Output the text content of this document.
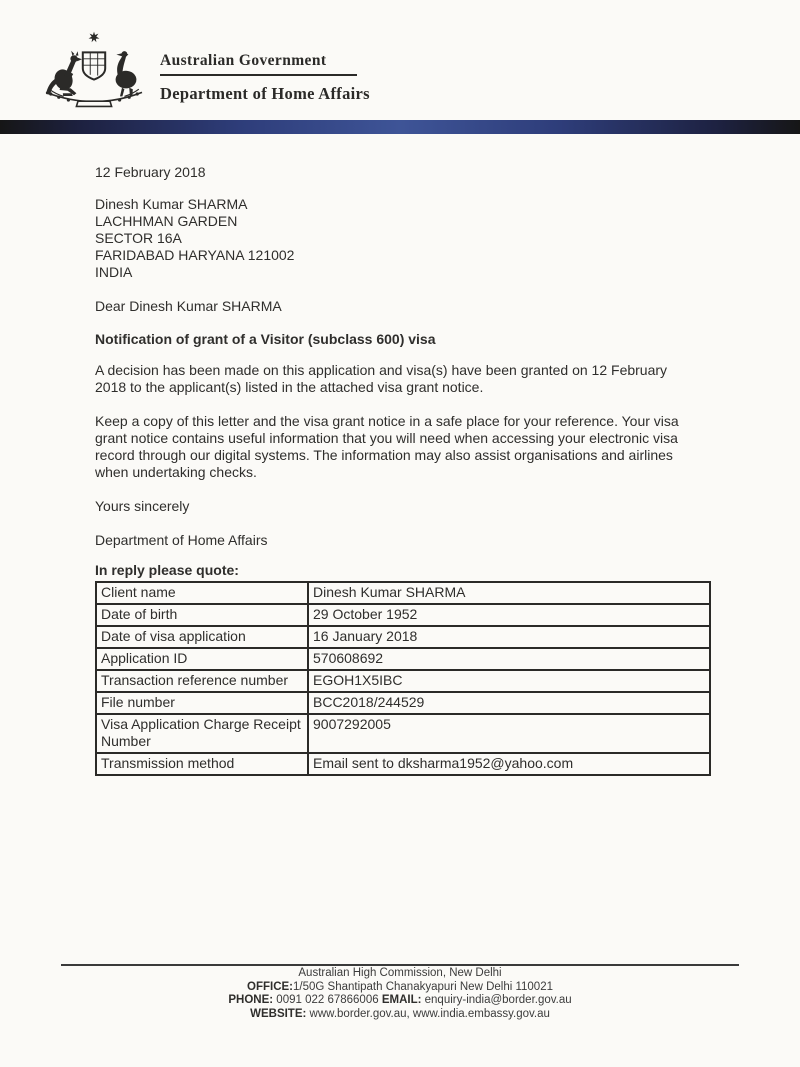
Australian Government
Department of Home Affairs
12 February 2018
Dinesh Kumar SHARMA
LACHHMAN GARDEN
SECTOR 16A
FARIDABAD HARYANA 121002
INDIA
Dear Dinesh Kumar SHARMA
Notification of grant of a Visitor (subclass 600) visa
A decision has been made on this application and visa(s) have been granted on 12 February 2018 to the applicant(s) listed in the attached visa grant notice.
Keep a copy of this letter and the visa grant notice in a safe place for your reference. Your visa grant notice contains useful information that you will need when accessing your electronic visa record through our digital systems. The information may also assist organisations and airlines when undertaking checks.
Yours sincerely
Department of Home Affairs
In reply please quote:
Client name	Dinesh Kumar SHARMA
Date of birth	29 October 1952
Date of visa application	16 January 2018
Application ID	570608692
Transaction reference number	EGOH1X5IBC
File number	BCC2018/244529
Visa Application Charge Receipt Number	9007292005
Transmission method	Email sent to dksharma1952@yahoo.com
Australian High Commission, New Delhi
OFFICE:1/50G Shantipath Chanakyapuri New Delhi 110021
PHONE: 0091 022 67866006 EMAIL: enquiry-india@border.gov.au
WEBSITE: www.border.gov.au, www.india.embassy.gov.au
